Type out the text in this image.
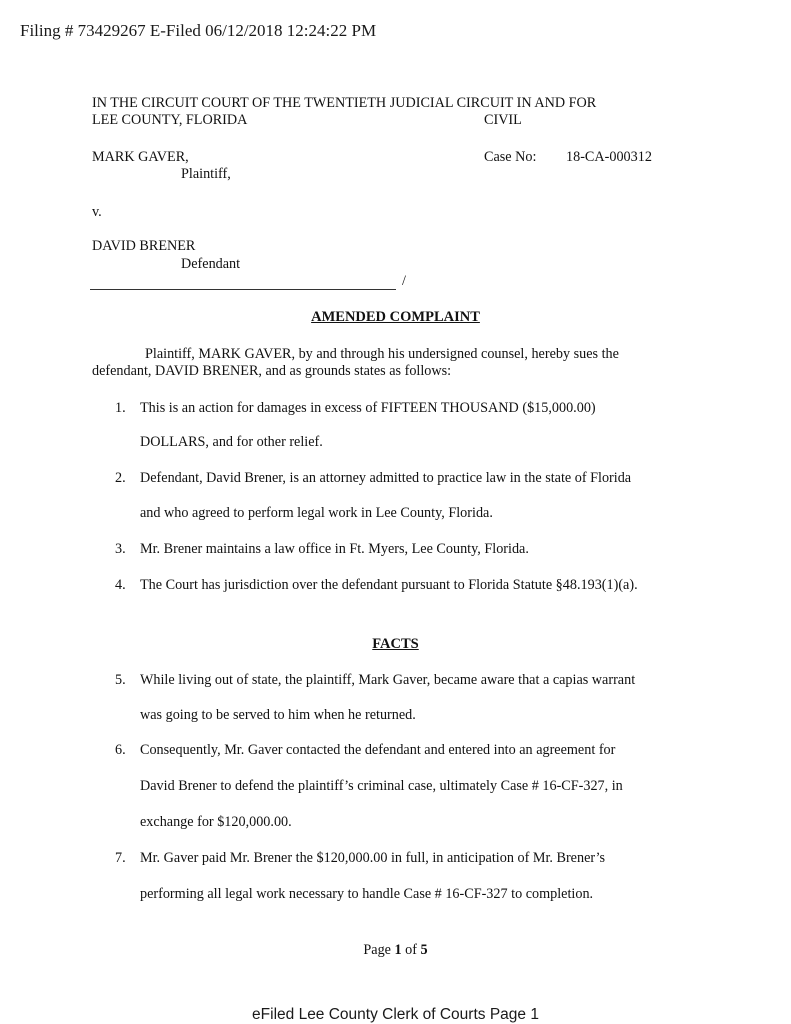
Filing # 73429267 E-Filed 06/12/2018 12:24:22 PM
IN THE CIRCUIT COURT OF THE TWENTIETH JUDICIAL CIRCUIT IN AND FOR
LEE COUNTY, FLORIDA	CIVIL
MARK GAVER,
Plaintiff,
Case No: 18-CA-000312
v.
DAVID BRENER
Defendant
/
AMENDED COMPLAINT
Plaintiff, MARK GAVER, by and through his undersigned counsel, hereby sues the
defendant, DAVID BRENER, and as grounds states as follows:
1. This is an action for damages in excess of FIFTEEN THOUSAND ($15,000.00)
DOLLARS, and for other relief.
2. Defendant, David Brener, is an attorney admitted to practice law in the state of Florida
and who agreed to perform legal work in Lee County, Florida.
3. Mr. Brener maintains a law office in Ft. Myers, Lee County, Florida.
4. The Court has jurisdiction over the defendant pursuant to Florida Statute §48.193(1)(a).
FACTS
5. While living out of state, the plaintiff, Mark Gaver, became aware that a capias warrant
was going to be served to him when he returned.
6. Consequently, Mr. Gaver contacted the defendant and entered into an agreement for
David Brener to defend the plaintiff’s criminal case, ultimately Case # 16-CF-327, in
exchange for $120,000.00.
7. Mr. Gaver paid Mr. Brener the $120,000.00 in full, in anticipation of Mr. Brener’s
performing all legal work necessary to handle Case # 16-CF-327 to completion.
Page 1 of 5
eFiled Lee County Clerk of Courts Page 1
